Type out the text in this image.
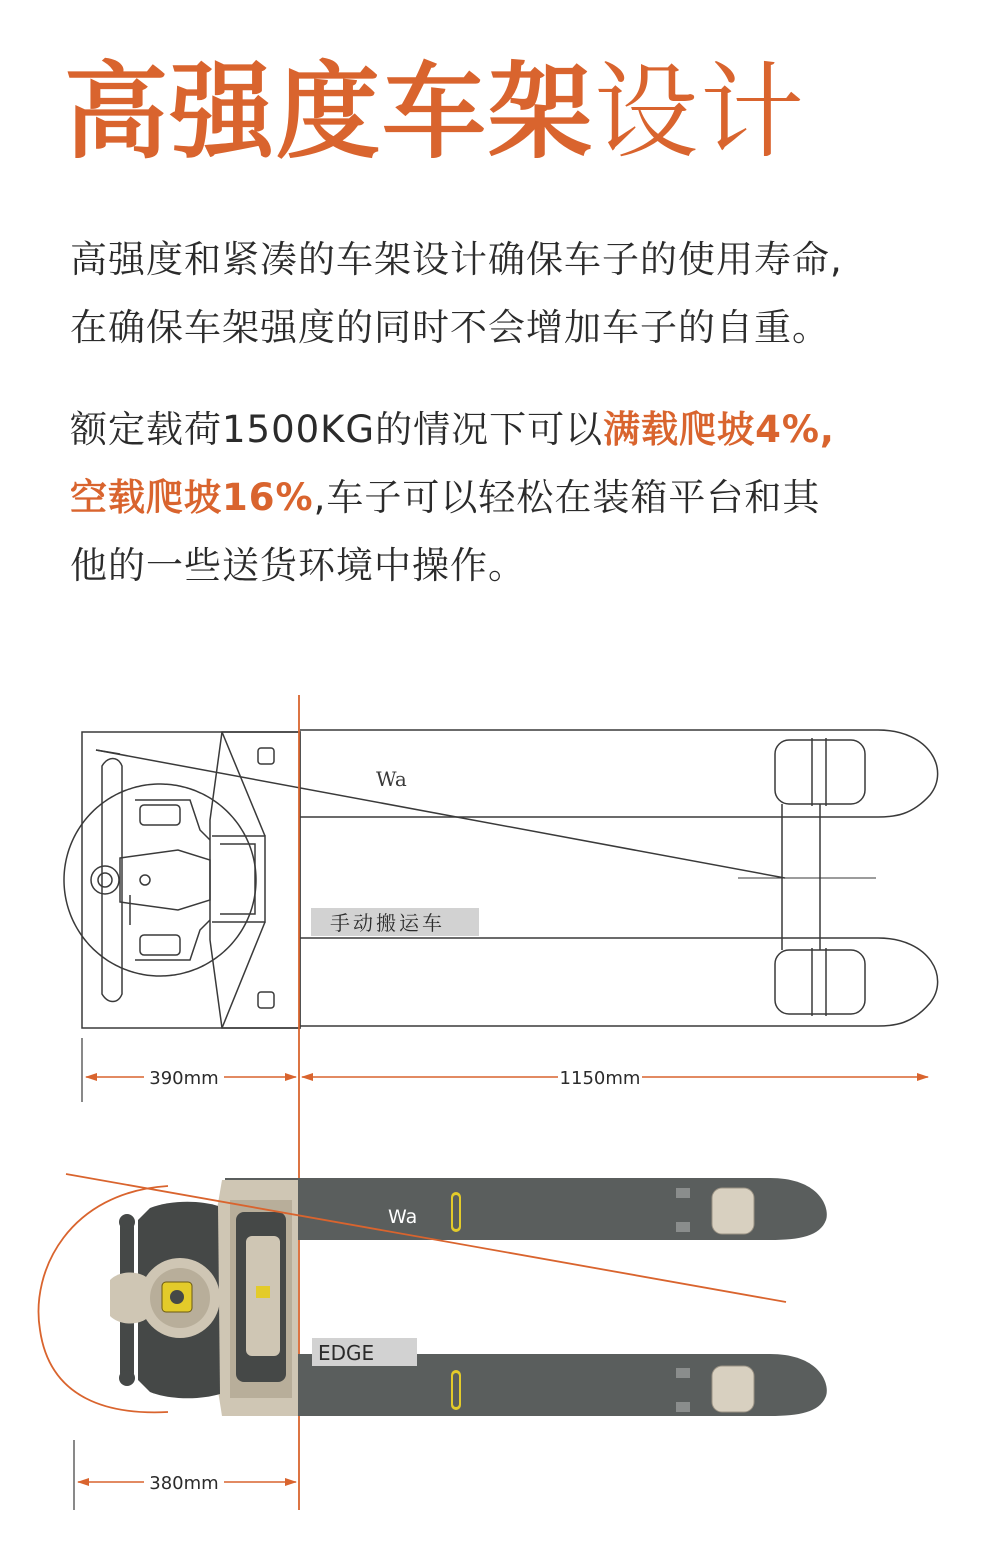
高强度车架设计

高强度和紧凑的车架设计确保车子的使用寿命,
在确保车架强度的同时不会增加车子的自重。

额定载荷1500KG的情况下可以满载爬坡4%,
空载爬坡16%,车子可以轻松在装箱平台和其
他的一些送货环境中操作。

Wa
手动搬运车
390mm	1150mm
Wa
EDGE
380mm
